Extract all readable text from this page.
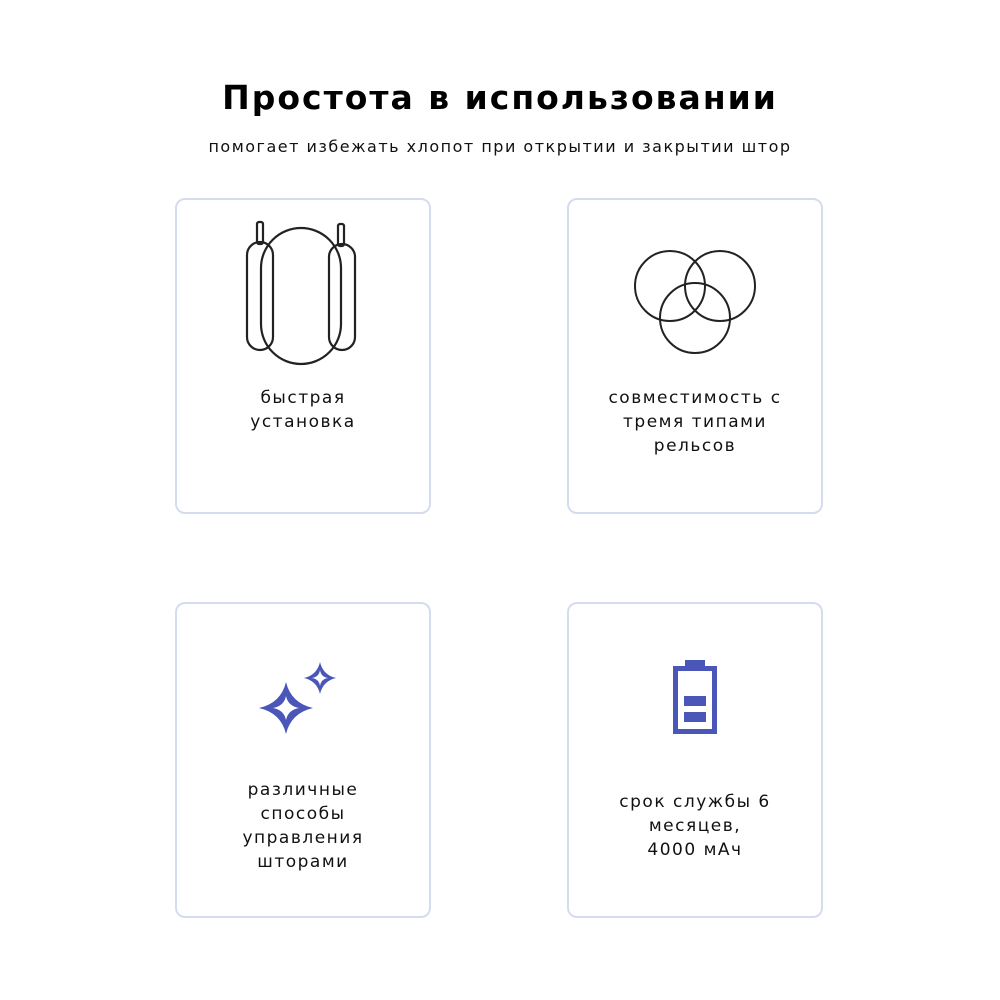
Простота в использовании

помогает избежать хлопот при открытии и закрытии штор

быстрая
установка
совместимость с
тремя типами
рельсов
различные
способы
управления
шторами
срок службы 6
месяцев,
4000 мАч
